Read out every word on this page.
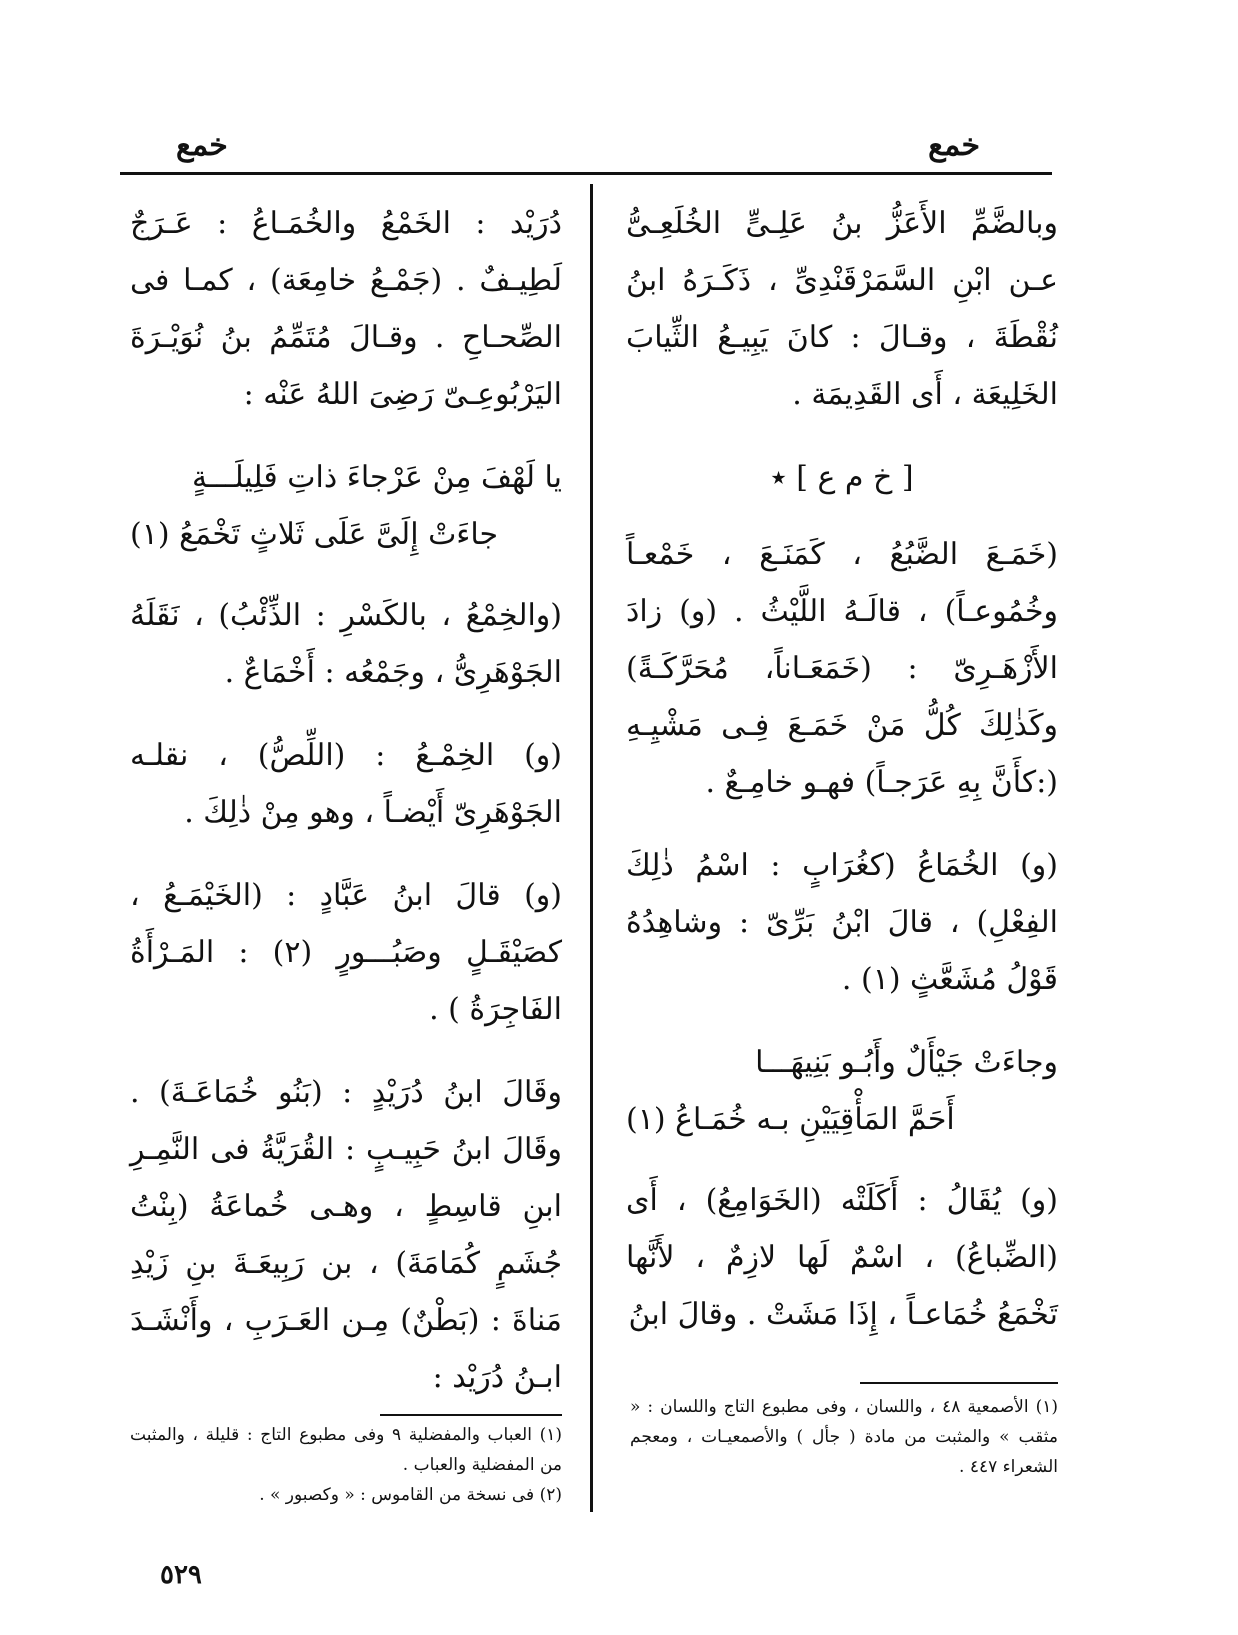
خمع
خمع

وبالضَّمِّ الأَعَزُّ بنُ عَلِـىٍّ الخُلَعِـىُّ عـن ابْنِ السَّمَرْقَنْدِىِّ ، ذَكَـرَهُ ابنُ نُقْطَةَ ، وقـالَ : كانَ يَبِيـعُ الثِّيابَ الخَلِيعَة ، أَى القَدِيمَة .

[ خ م ع ] ٭

(خَمَـعَ الضَّبُعُ ، كَمَنَـعَ ، خَمْعـاً وخُمُوعـاً) ، قالَـهُ اللَّيْثُ . (و) زادَ الأَزْهَـرِىّ : (خَمَعَـاناً، مُحَرَّكَـةً) وكَذٰلِكَ كُلُّ مَنْ خَمَـعَ فِـى مَشْيِـهِ (:كأَنَّ بِهِ عَرَجـاً) فهـو خامِـعٌ .

(و) الخُمَاعُ (كغُرَابٍ : اسْمُ ذٰلِكَ الفِعْلِ) ، قالَ ابْنُ بَرِّىّ : وشاهِدُهُ قَوْلُ مُشَعَّثٍ (١) .

وجاءَتْ جَيْأَلٌ وأَبُـو بَنِيهَـــا
أَحَمَّ المَأْقِيَيْنِ بـه خُمَـاعُ (١)

(و) يُقَالُ : أَكَلَتْه (الخَوَامِعُ) ، أَى (الضِّباعُ) ، اسْمٌ لَها لازِمٌ ، لأَنَّها تَخْمَعُ خُمَاعـاً ، إِذَا مَشَتْ . وقالَ ابنُ

دُرَيْد : الخَمْعُ والخُمَـاعُ : عَـرَجٌ لَطِيـفٌ . (جَمْـعُ خامِعَة) ، كمـا فى الصِّحـاحِ . وقـالَ مُتَمِّمُ بنُ نُوَيْـرَةَ اليَرْبُوعِـىّ رَضِىَ اللهُ عَنْه :

يا لَهْفَ مِنْ عَرْجاءَ ذاتِ فَلِيلَـــةٍ
جاءَتْ إِلَىَّ عَلَى ثَلاثٍ تَخْمَعُ (١)

(والخِمْعُ ، بالكَسْرِ : الذِّئْبُ) ، نَقَلَهُ الجَوْهَرِىُّ ، وجَمْعُه : أَخْمَاعٌ .

(و) الخِمْـعُ : (اللِّصُّ) ، نقلـه الجَوْهَرِىّ أَيْضـاً ، وهو مِنْ ذٰلِكَ .

(و) قالَ ابنُ عَبَّادٍ : (الخَيْمَـعُ ، كصَيْقَـلٍ وصَبُـــورٍ (٢) : المَـرْأَةُ الفَاجِرَةُ ) .

وقَالَ ابنُ دُرَيْدٍ : (بَنُو خُمَاعَـةَ) . وقَالَ ابنُ حَبِيـبٍ : القُرَيَّةُ فى النَّمِـرِ ابنِ قاسِطٍ ، وهـى خُماعَةُ (بِنْتُ جُشَمٍ كُمَامَةَ) ، بن رَبِيعَـةَ بنِ زَيْدِ مَناةَ : (بَطْنٌ) مِـن العَـرَبِ ، وأَنْشَـدَ ابـنُ دُرَيْد :

(١) الأصمعية ٤٨ ، واللسان ، وفى مطبوع التاج واللسان : « مثقب » والمثبت من مادة ( جأل ) والأصمعيـات ، ومعجم الشعراء ٤٤٧ .
(١) العباب والمفضلية ٩ وفى مطبوع التاج : قليلة ، والمثبت من المفضلية والعباب .
(٢) فى نسخة من القاموس : « وكصبور » .
٥٢٩
